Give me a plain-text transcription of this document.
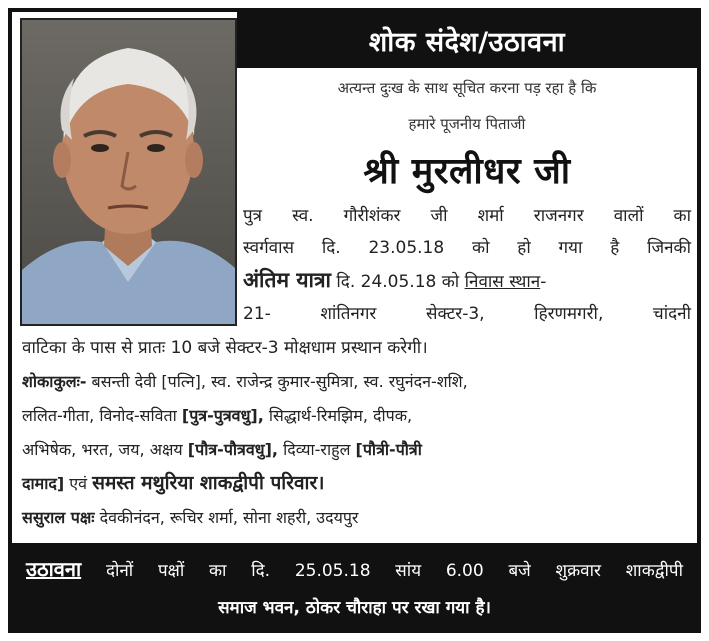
शोक संदेश/उठावना
अत्यन्त दुःख के साथ सूचित करना पड़ रहा है कि
हमारे पूजनीय पिताजी
श्री मुरलीधर जी
पुत्र स्व. गौरीशंकर जी शर्मा राजनगर वालों का
स्वर्गवास दि. 23.05.18 को हो गया है जिनकी
अंतिम यात्रा दि. 24.05.18 को निवास स्थान-
21- शांतिनगर सेक्टर-3, हिरणमगरी, चांदनी
वाटिका के पास से प्रातः 10 बजे सेक्टर-3 मोक्षधाम प्रस्थान करेगी।
शोकाकुलः- बसन्ती देवी [पत्नि], स्व. राजेन्द्र कुमार-सुमित्रा, स्व. रघुनंदन-शशि,
ललित-गीता, विनोद-सविता [पुत्र-पुत्रवधु], सिद्धार्थ-रिमझिम, दीपक,
अभिषेक, भरत, जय, अक्षय [पौत्र-पौत्रवधु], दिव्या-राहुल [पौत्री-पौत्री
दामाद] एवं समस्त मथुरिया शाकद्वीपी परिवार।
ससुराल पक्षः देवकीनंदन, रूचिर शर्मा, सोना शहरी, उदयपुर
उठावना दोनों पक्षों का दि. 25.05.18 सांय 6.00 बजे शुक्रवार शाकद्वीपी
समाज भवन, ठोकर चौराहा पर रखा गया है।
